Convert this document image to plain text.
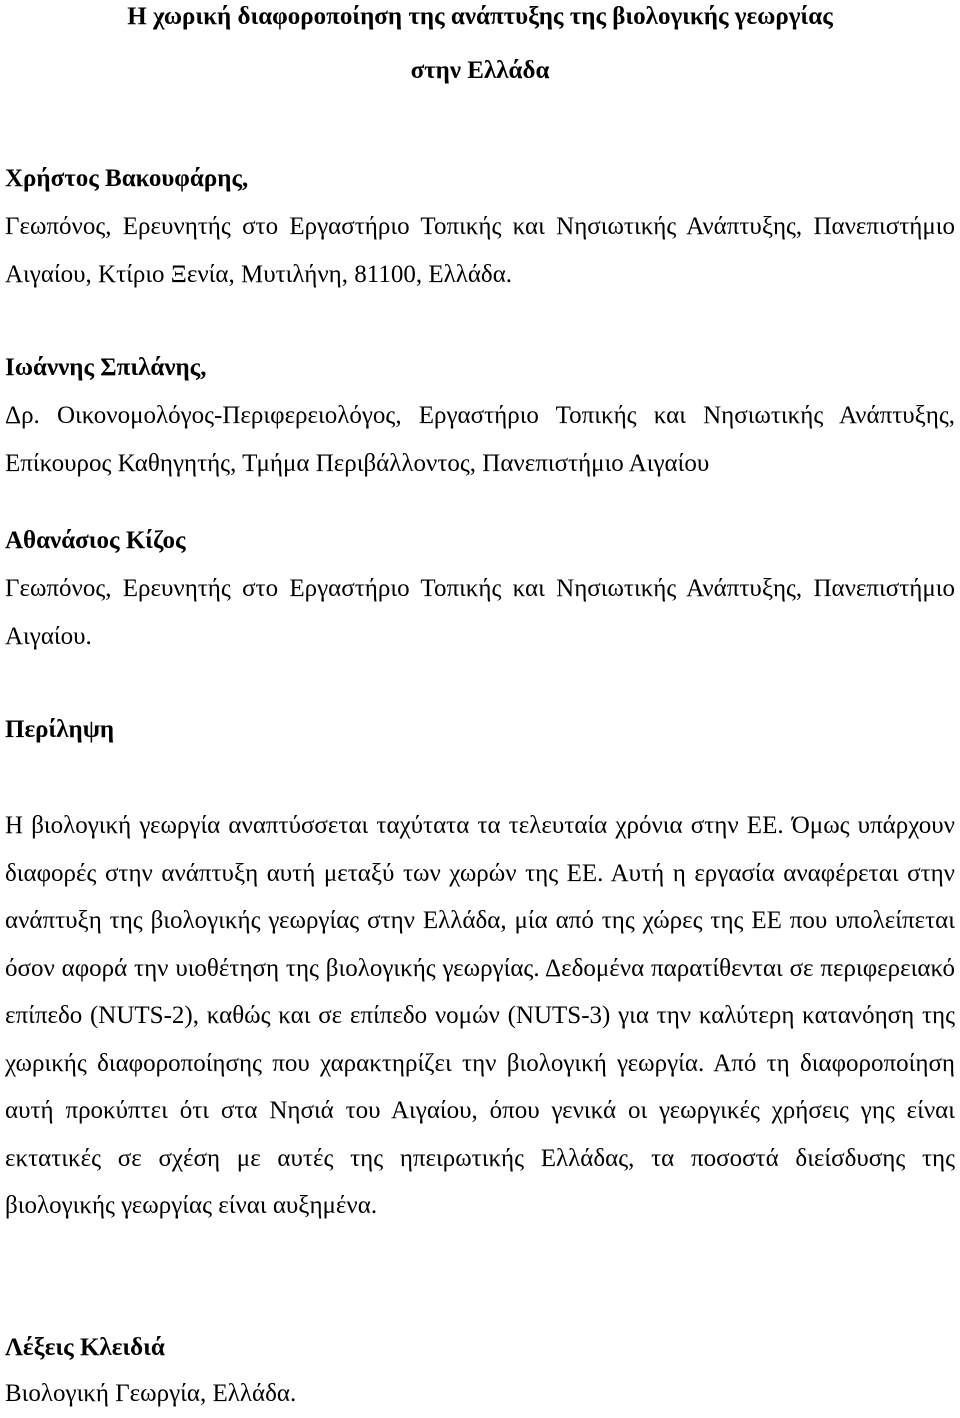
Η χωρική διαφοροποίηση της ανάπτυξης της βιολογικής γεωργίας
στην Ελλάδα
Χρήστος Βακουφάρης,
Γεωπόνος, Ερευνητής στο Εργαστήριο Τοπικής και Νησιωτικής Ανάπτυξης, Πανεπιστήμιο Αιγαίου, Κτίριο Ξενία, Μυτιλήνη, 81100, Ελλάδα.
Ιωάννης Σπιλάνης,
Δρ. Οικονομολόγος-Περιφερειολόγος, Εργαστήριο Τοπικής και Νησιωτικής Ανάπτυξης, Επίκουρος Καθηγητής, Τμήμα Περιβάλλοντος, Πανεπιστήμιο Αιγαίου
Αθανάσιος Κίζος
Γεωπόνος, Ερευνητής στο Εργαστήριο Τοπικής και Νησιωτικής Ανάπτυξης, Πανεπιστήμιο Αιγαίου.
Περίληψη

Η βιολογική γεωργία αναπτύσσεται ταχύτατα τα τελευταία χρόνια στην ΕΕ. Όμως υπάρχουν διαφορές στην ανάπτυξη αυτή μεταξύ των χωρών της ΕΕ. Αυτή η εργασία αναφέρεται στην ανάπτυξη της βιολογικής γεωργίας στην Ελλάδα, μία από της χώρες της ΕΕ που υπολείπεται όσον αφορά την υιοθέτηση της βιολογικής γεωργίας. Δεδομένα παρατίθενται σε περιφερειακό επίπεδο (NUTS-2), καθώς και σε επίπεδο νομών (NUTS-3) για την καλύτερη κατανόηση της χωρικής διαφοροποίησης που χαρακτηρίζει την βιολογική γεωργία. Από τη διαφοροποίηση αυτή προκύπτει ότι στα Νησιά του Αιγαίου, όπου γενικά οι γεωργικές χρήσεις γης είναι εκτατικές σε σχέση με αυτές της ηπειρωτικής Ελλάδας, τα ποσοστά διείσδυσης της βιολογικής γεωργίας είναι αυξημένα.

Λέξεις Κλειδιά

Βιολογική Γεωργία, Ελλάδα.
